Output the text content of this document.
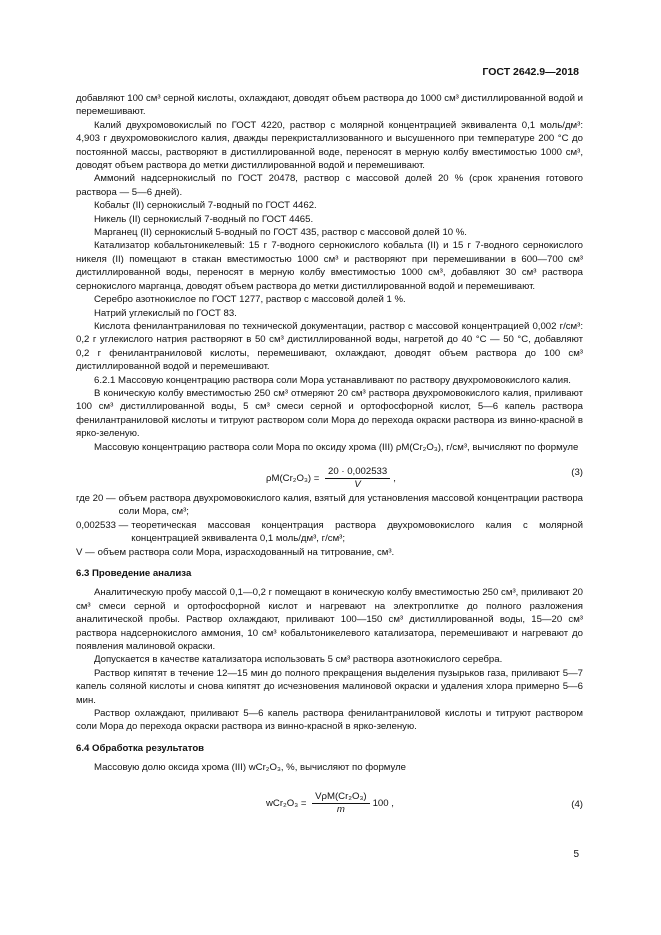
ГОСТ 2642.9—2018

добавляют 100 см³ серной кислоты, охлаждают, доводят объем раствора до 1000 см³ дистиллированной водой и перемешивают.

Калий двухромовокислый по ГОСТ 4220, раствор с молярной концентрацией эквивалента 0,1 моль/дм³: 4,903 г двухромовокислого калия, дважды перекристаллизованного и высушенного при температуре 200 °С до постоянной массы, растворяют в дистиллированной воде, переносят в мерную колбу вместимостью 1000 см³, доводят объем раствора до метки дистиллированной водой и перемешивают.

Аммоний надсернокислый по ГОСТ 20478, раствор с массовой долей 20 % (срок хранения готового раствора — 5—6 дней).

Кобальт (II) сернокислый 7-водный по ГОСТ 4462.

Никель (II) сернокислый 7-водный по ГОСТ 4465.

Марганец (II) сернокислый 5-водный по ГОСТ 435, раствор с массовой долей 10 %.

Катализатор кобальтоникелевый: 15 г 7-водного сернокислого кобальта (II) и 15 г 7-водного сернокислого никеля (II) помещают в стакан вместимостью 1000 см³ и растворяют при перемешивании в 600—700 см³ дистиллированной воды, переносят в мерную колбу вместимостью 1000 см³, добавляют 30 см³ раствора сернокислого марганца, доводят объем раствора до метки дистиллированной водой и перемешивают.

Серебро азотнокислое по ГОСТ 1277, раствор с массовой долей 1 %.

Натрий углекислый по ГОСТ 83.

Кислота фенилантраниловая по технической документации, раствор с массовой концентрацией 0,002 г/см³: 0,2 г углекислого натрия растворяют в 50 см³ дистиллированной воды, нагретой до 40 °С — 50 °С, добавляют 0,2 г фенилантраниловой кислоты, перемешивают, охлаждают, доводят объем раствора до 100 см³ дистиллированной водой и перемешивают.

6.2.1 Массовую концентрацию раствора соли Мора устанавливают по раствору двухромовокислого калия.

В коническую колбу вместимостью 250 см³ отмеряют 20 см³ раствора двухромовокислого калия, приливают 100 см³ дистиллированной воды, 5 см³ смеси серной и ортофосфорной кислот, 5—6 капель раствора фенилантраниловой кислоты и титруют раствором соли Мора до перехода окраски раствора из винно-красной в ярко-зеленую.

Массовую концентрацию раствора соли Мора по оксиду хрома (III) ρM(Cr₂O₃), г/см³, вычисляют по формуле

$\rho M(Cr_2O_3) = \frac{20 \cdot 0,002533}{V}$ ,
(3)
где 20 — объем раствора двухромовокислого калия, взятый для установления массовой концентрации раствора соли Мора, см³;
0,002533 — теоретическая массовая концентрация раствора двухромовокислого калия с молярной концентрацией эквивалента 0,1 моль/дм³, г/см³;
V — объем раствора соли Мора, израсходованный на титрование, см³.

6.3 Проведение анализа

Аналитическую пробу массой 0,1—0,2 г помещают в коническую колбу вместимостью 250 см³, приливают 20 см³ смеси серной и ортофосфорной кислот и нагревают на электроплитке до полного разложения аналитической пробы. Раствор охлаждают, приливают 100—150 см³ дистиллированной воды, 15—20 см³ раствора надсернокислого аммония, 10 см³ кобальтоникелевого катализатора, перемешивают и нагревают до появления малиновой окраски.

Допускается в качестве катализатора использовать 5 см³ раствора азотнокислого серебра.

Раствор кипятят в течение 12—15 мин до полного прекращения выделения пузырьков газа, приливают 5—7 капель соляной кислоты и снова кипятят до исчезновения малиновой окраски и удаления хлора примерно 5—6 мин.

Раствор охлаждают, приливают 5—6 капель раствора фенилантраниловой кислоты и титруют раствором соли Мора до перехода окраски раствора из винно-красной в ярко-зеленую.

6.4 Обработка результатов

Массовую долю оксида хрома (III) wCr₂O₃, %, вычисляют по формуле

$wCr_2O_3 = \frac{\text{VρM(Cr₂O₃)}}{m} 100$ ,	(4)
5
